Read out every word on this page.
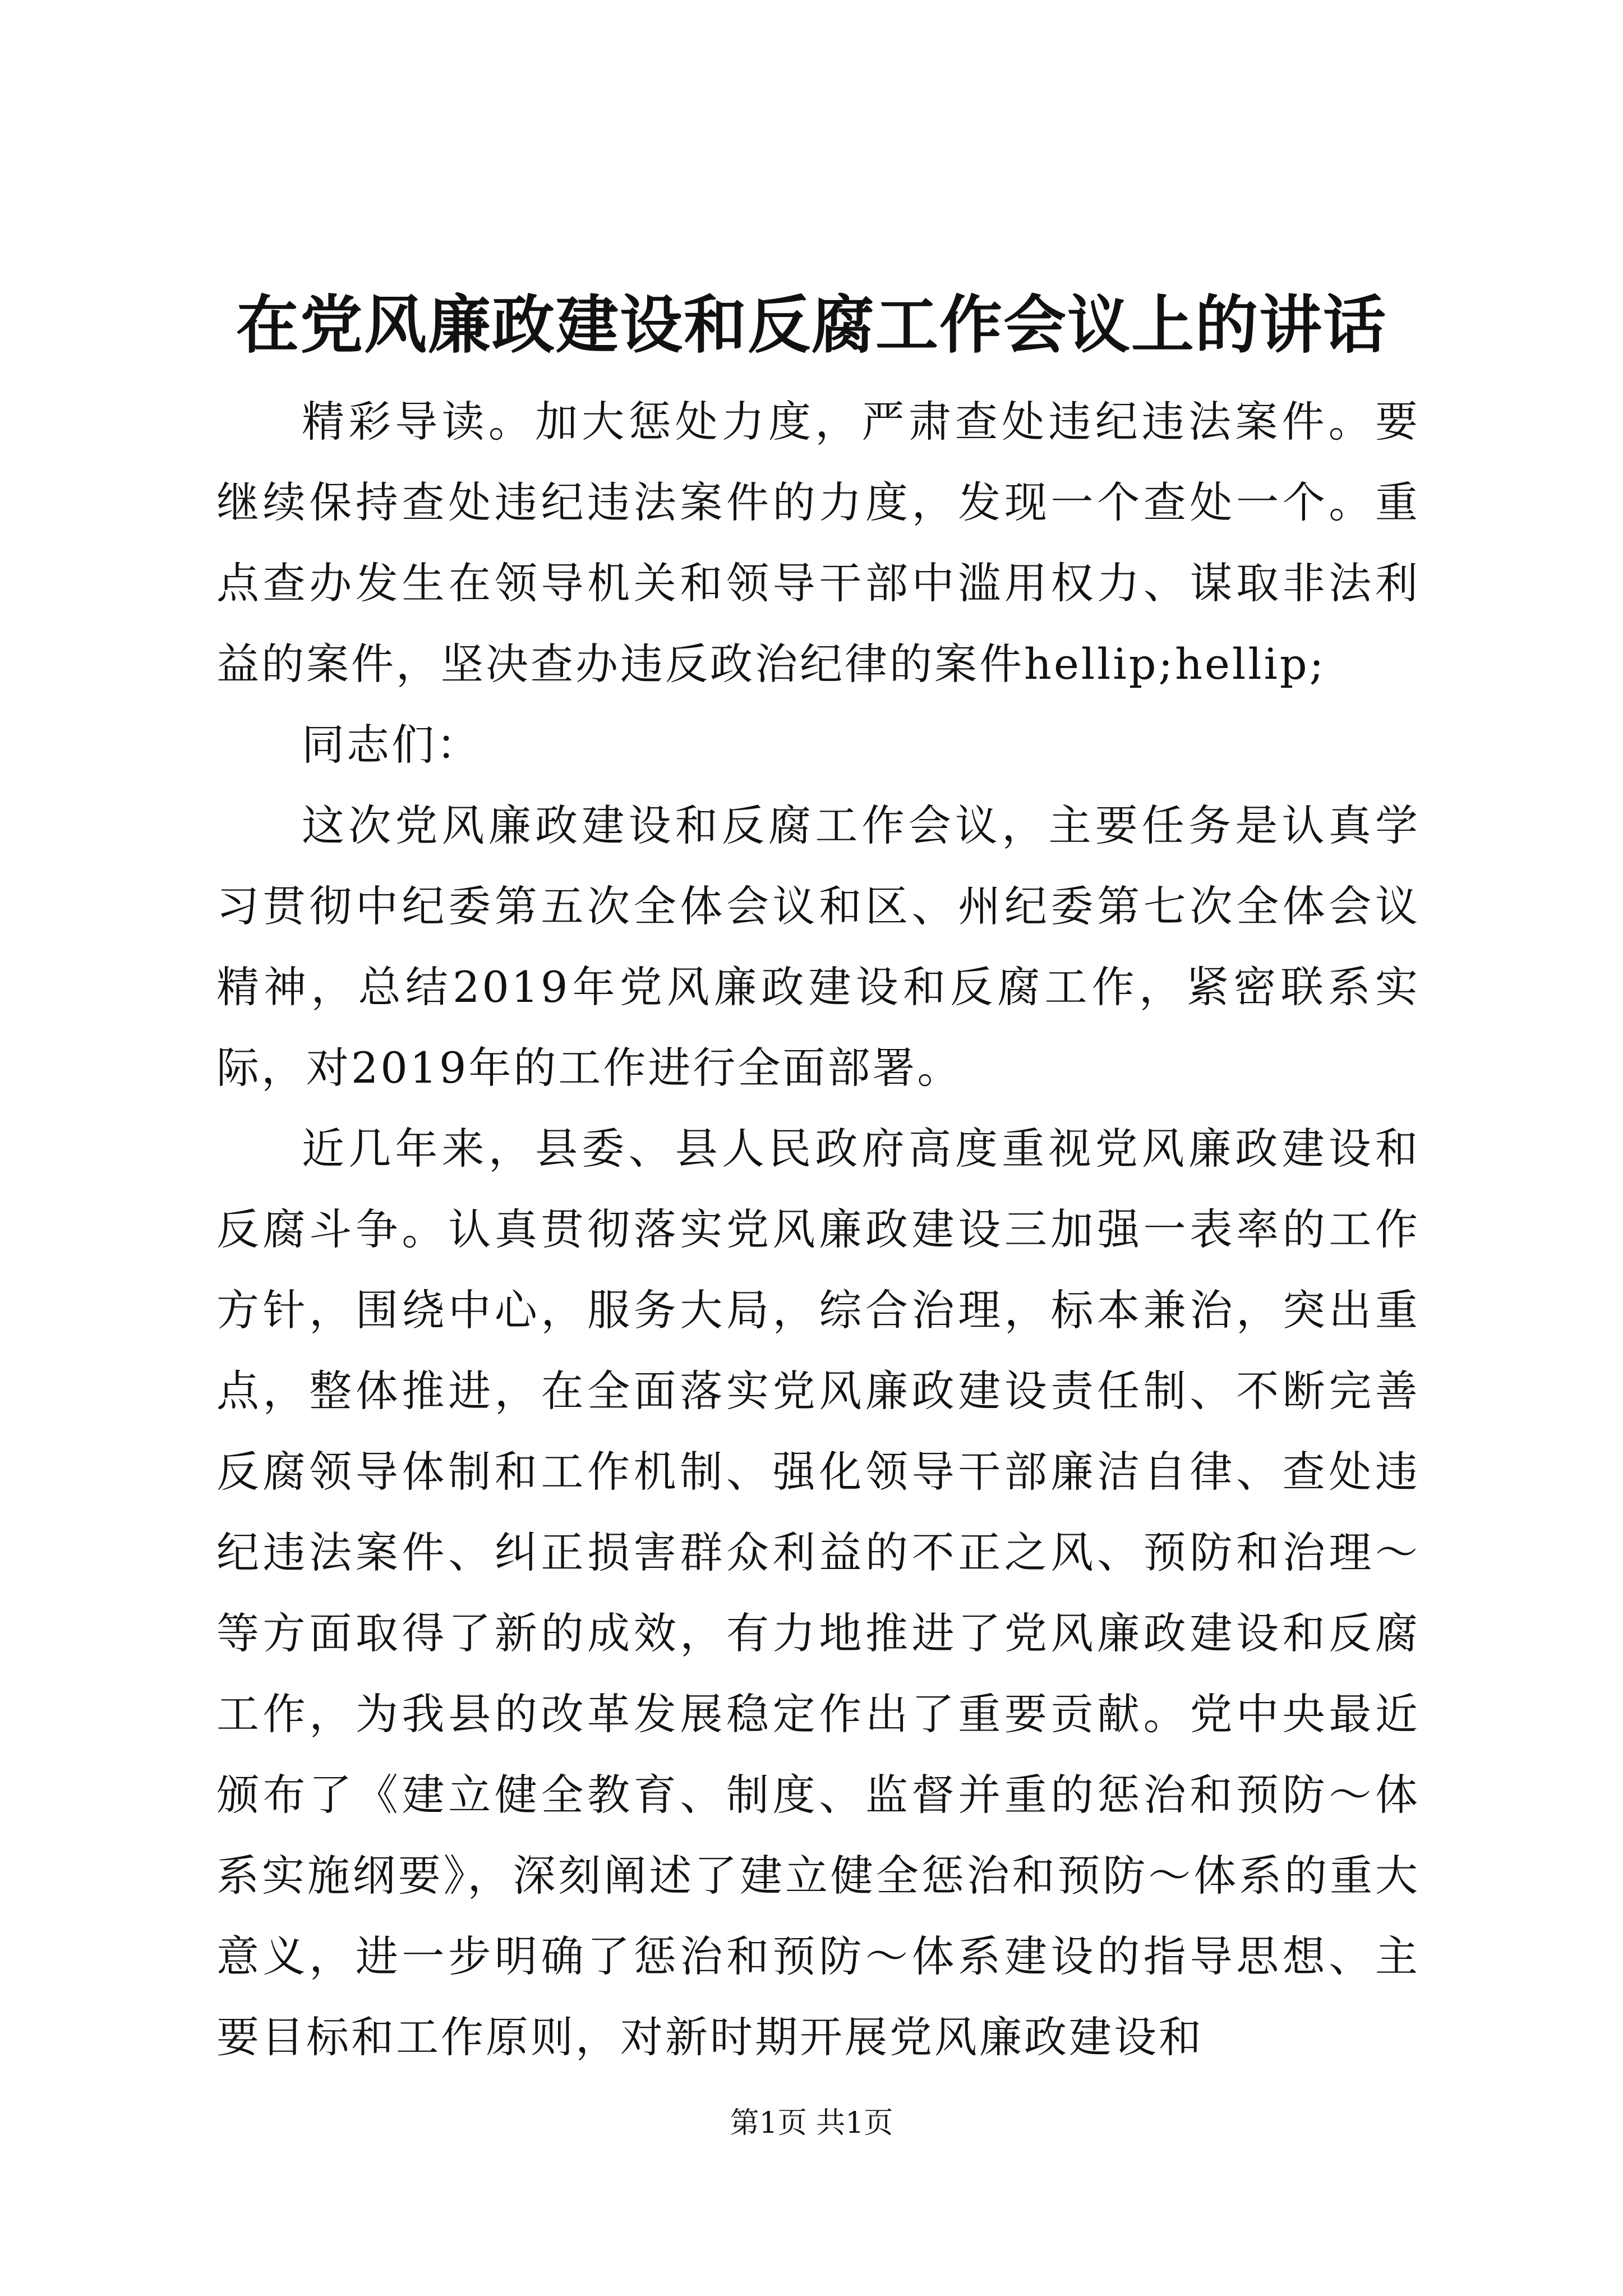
在党风廉政建设和反腐工作会议上的讲话

精彩导读。加大惩处力度，严肃查处违纪违法案件。要继续保持查处违纪违法案件的力度，发现一个查处一个。重点查办发生在领导机关和领导干部中滥用权力、谋取非法利益的案件，坚决查办违反政治纪律的案件hellip;hellip;

同志们：

这次党风廉政建设和反腐工作会议，主要任务是认真学习贯彻中纪委第五次全体会议和区、州纪委第七次全体会议精神，总结2019年党风廉政建设和反腐工作，紧密联系实际，对2019年的工作进行全面部署。

近几年来，县委、县人民政府高度重视党风廉政建设和反腐斗争。认真贯彻落实党风廉政建设三加强一表率的工作方针，围绕中心，服务大局，综合治理，标本兼治，突出重点，整体推进，在全面落实党风廉政建设责任制、不断完善反腐领导体制和工作机制、强化领导干部廉洁自律、查处违纪违法案件、纠正损害群众利益的不正之风、预防和治理～等方面取得了新的成效，有力地推进了党风廉政建设和反腐工作，为我县的改革发展稳定作出了重要贡献。党中央最近颁布了《建立健全教育、制度、监督并重的惩治和预防～体系实施纲要》，深刻阐述了建立健全惩治和预防～体系的重大意义，进一步明确了惩治和预防～体系建设的指导思想、主要目标和工作原则，对新时期开展党风廉政建设和

第1页 共1页
